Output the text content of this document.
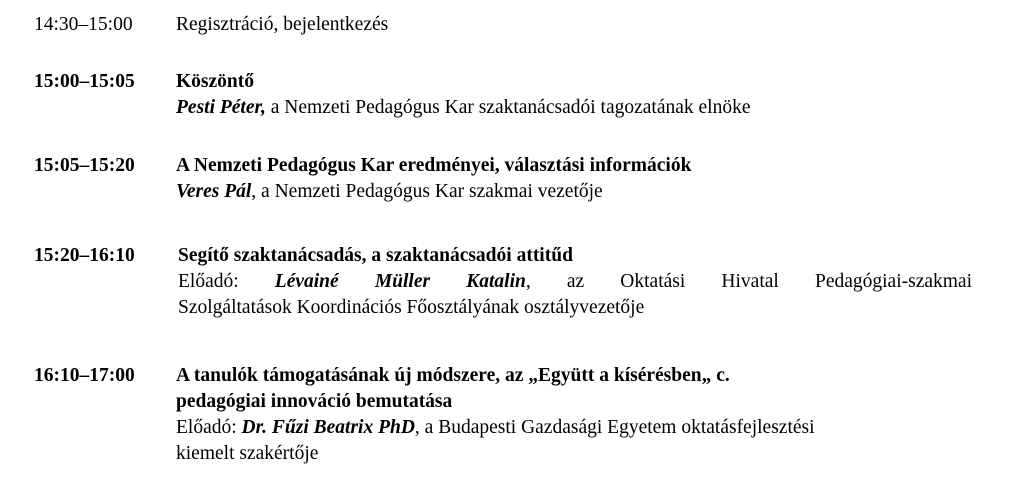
14:30–15:00 Regisztráció, bejelentkezés
15:00–15:05 Köszöntő
Pesti Péter, a Nemzeti Pedagógus Kar szaktanácsadói tagozatának elnöke
15:05–15:20 A Nemzeti Pedagógus Kar eredményei, választási információk
Veres Pál, a Nemzeti Pedagógus Kar szakmai vezetője
15:20–16:10 Segítő szaktanácsadás, a szaktanácsadói attitűd
Előadó: Lévainé Müller Katalin, az Oktatási Hivatal Pedagógiai-szakmai
Szolgáltatások Koordinációs Főosztályának osztályvezetője
16:10–17:00 A tanulók támogatásának új módszere, az „Együtt a kísérésben„ c.
pedagógiai innováció bemutatása
Előadó: Dr. Fűzi Beatrix PhD, a Budapesti Gazdasági Egyetem oktatásfejlesztési
kiemelt szakértője
